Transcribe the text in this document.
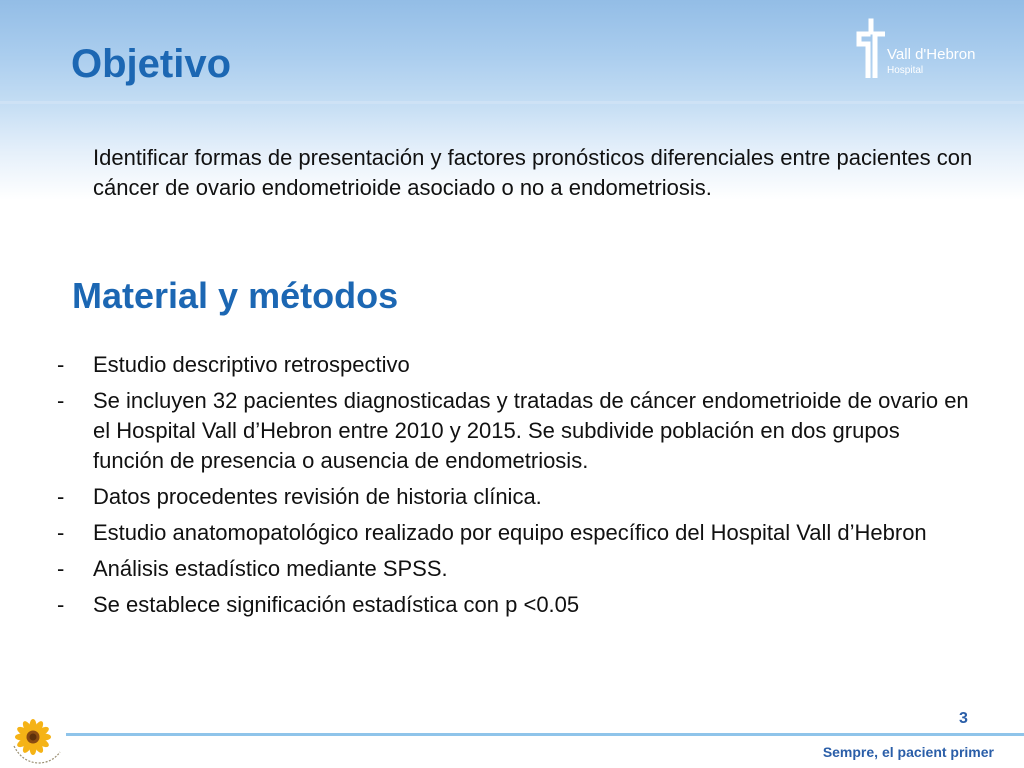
Objetivo	Vall d'Hebron
Hospital

Identificar formas de presentación y factores pronósticos diferenciales entre pacientes con cáncer de ovario endometrioide asociado o no a endometriosis.

Material y métodos
- Estudio descriptivo retrospectivo
- Se incluyen 32 pacientes diagnosticadas y tratadas de cáncer endometrioide de ovario en el Hospital Vall d’Hebron entre 2010 y 2015. Se subdivide población en dos grupos función de presencia o ausencia de endometriosis.
- Datos procedentes revisión de historia clínica.
- Estudio anatomopatológico realizado por equipo específico del Hospital Vall d’Hebron
- Análisis estadístico mediante SPSS.
- Se establece significación estadística con p <0.05
3
Sempre, el pacient primer
